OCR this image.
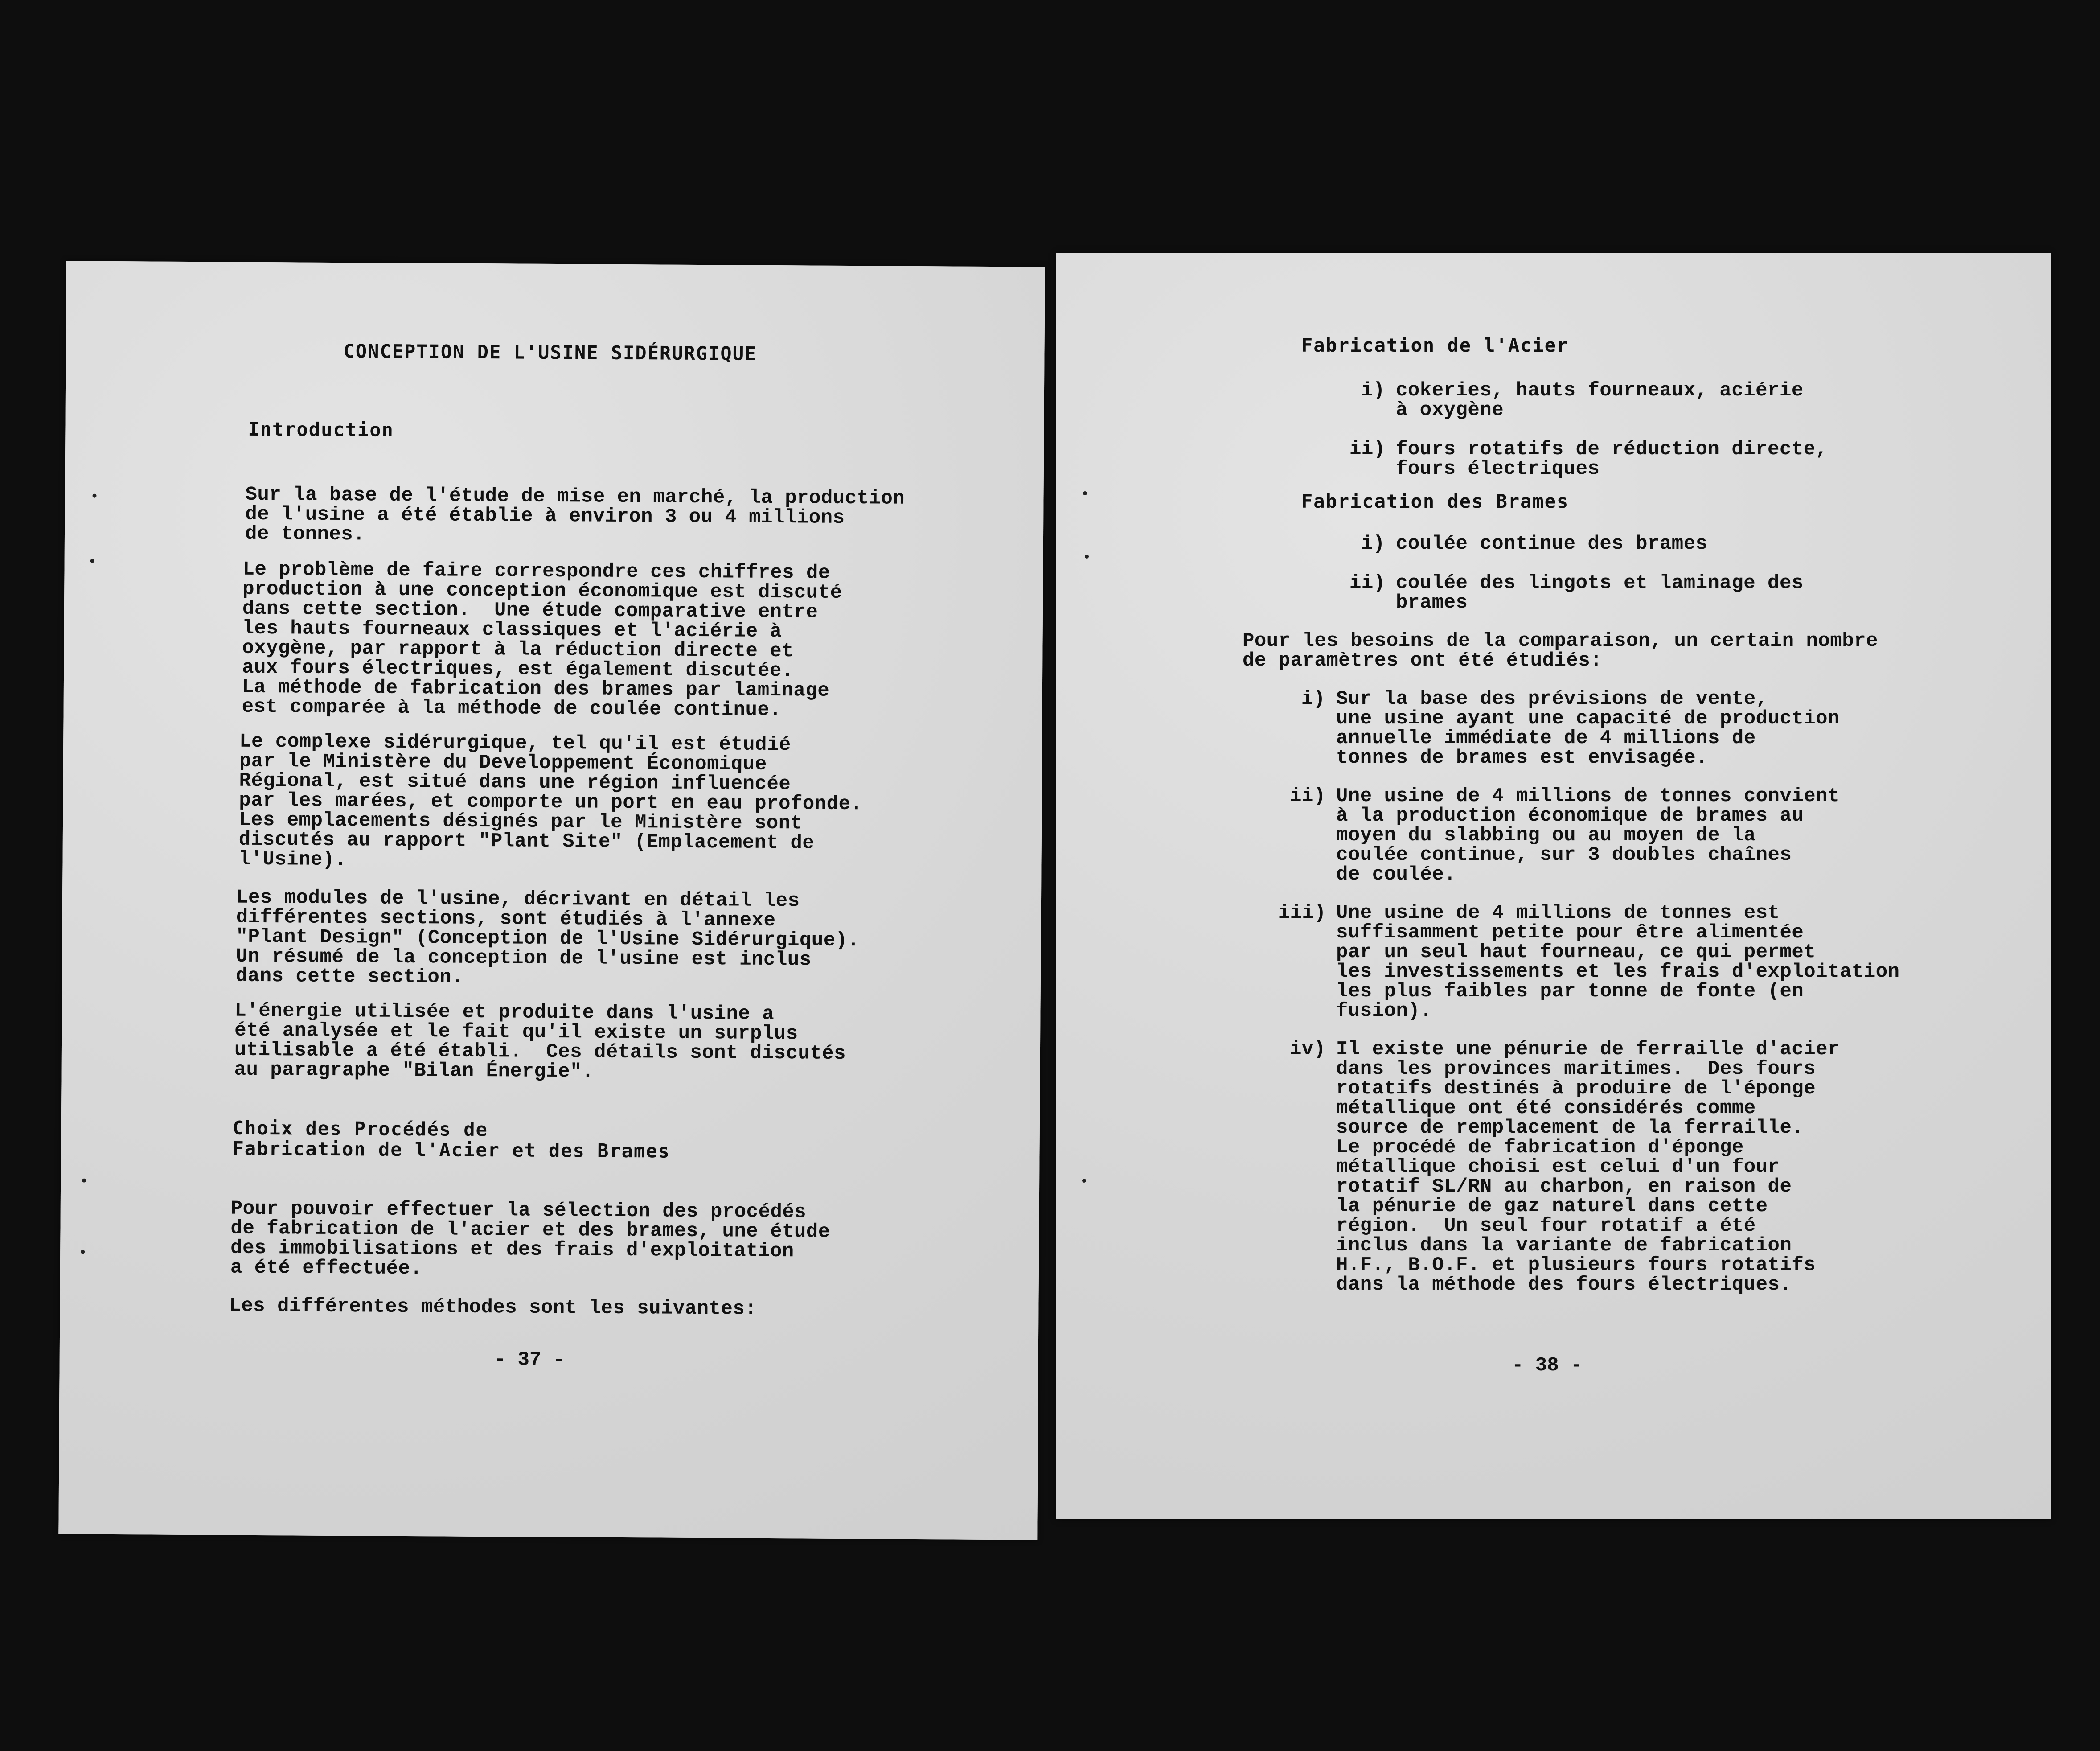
CONCEPTION DE L'USINE SIDÉRURGIQUE
Introduction
Sur la base de l'étude de mise en marché, la production
de l'usine a été établie à environ 3 ou 4 millions
de tonnes.
Le problème de faire correspondre ces chiffres de
production à une conception économique est discuté
dans cette section.  Une étude comparative entre
les hauts fourneaux classiques et l'aciérie à
oxygène, par rapport à la réduction directe et
aux fours électriques, est également discutée.
La méthode de fabrication des brames par laminage
est comparée à la méthode de coulée continue.
Le complexe sidérurgique, tel qu'il est étudié
par le Ministère du Developpement Économique
Régional, est situé dans une région influencée
par les marées, et comporte un port en eau profonde.
Les emplacements désignés par le Ministère sont
discutés au rapport "Plant Site" (Emplacement de
l'Usine).
Les modules de l'usine, décrivant en détail les
différentes sections, sont étudiés à l'annexe
"Plant Design" (Conception de l'Usine Sidérurgique).
Un résumé de la conception de l'usine est inclus
dans cette section.
L'énergie utilisée et produite dans l'usine a
été analysée et le fait qu'il existe un surplus
utilisable a été établi.  Ces détails sont discutés
au paragraphe "Bilan Énergie".
Choix des Procédés de
Fabrication de l'Acier et des Brames
Pour pouvoir effectuer la sélection des procédés
de fabrication de l'acier et des brames, une étude
des immobilisations et des frais d'exploitation
a été effectuée.
Les différentes méthodes sont les suivantes:
- 37 -
Fabrication de l'Acier
i) cokeries, hauts fourneaux, aciérie
à oxygène
ii) fours rotatifs de réduction directe,
fours électriques
Fabrication des Brames
i) coulée continue des brames
ii) coulée des lingots et laminage des
brames
Pour les besoins de la comparaison, un certain nombre
de paramètres ont été étudiés:
i) Sur la base des prévisions de vente,
une usine ayant une capacité de production
annuelle immédiate de 4 millions de
tonnes de brames est envisagée.
ii) Une usine de 4 millions de tonnes convient
à la production économique de brames au
moyen du slabbing ou au moyen de la
coulée continue, sur 3 doubles chaînes
de coulée.
iii) Une usine de 4 millions de tonnes est
suffisamment petite pour être alimentée
par un seul haut fourneau, ce qui permet
les investissements et les frais d'exploitation
les plus faibles par tonne de fonte (en
fusion).
iv) Il existe une pénurie de ferraille d'acier
dans les provinces maritimes.  Des fours
rotatifs destinés à produire de l'éponge
métallique ont été considérés comme
source de remplacement de la ferraille.
Le procédé de fabrication d'éponge
métallique choisi est celui d'un four
rotatif SL/RN au charbon, en raison de
la pénurie de gaz naturel dans cette
région.  Un seul four rotatif a été
inclus dans la variante de fabrication
H.F., B.O.F. et plusieurs fours rotatifs
dans la méthode des fours électriques.
- 38 -
